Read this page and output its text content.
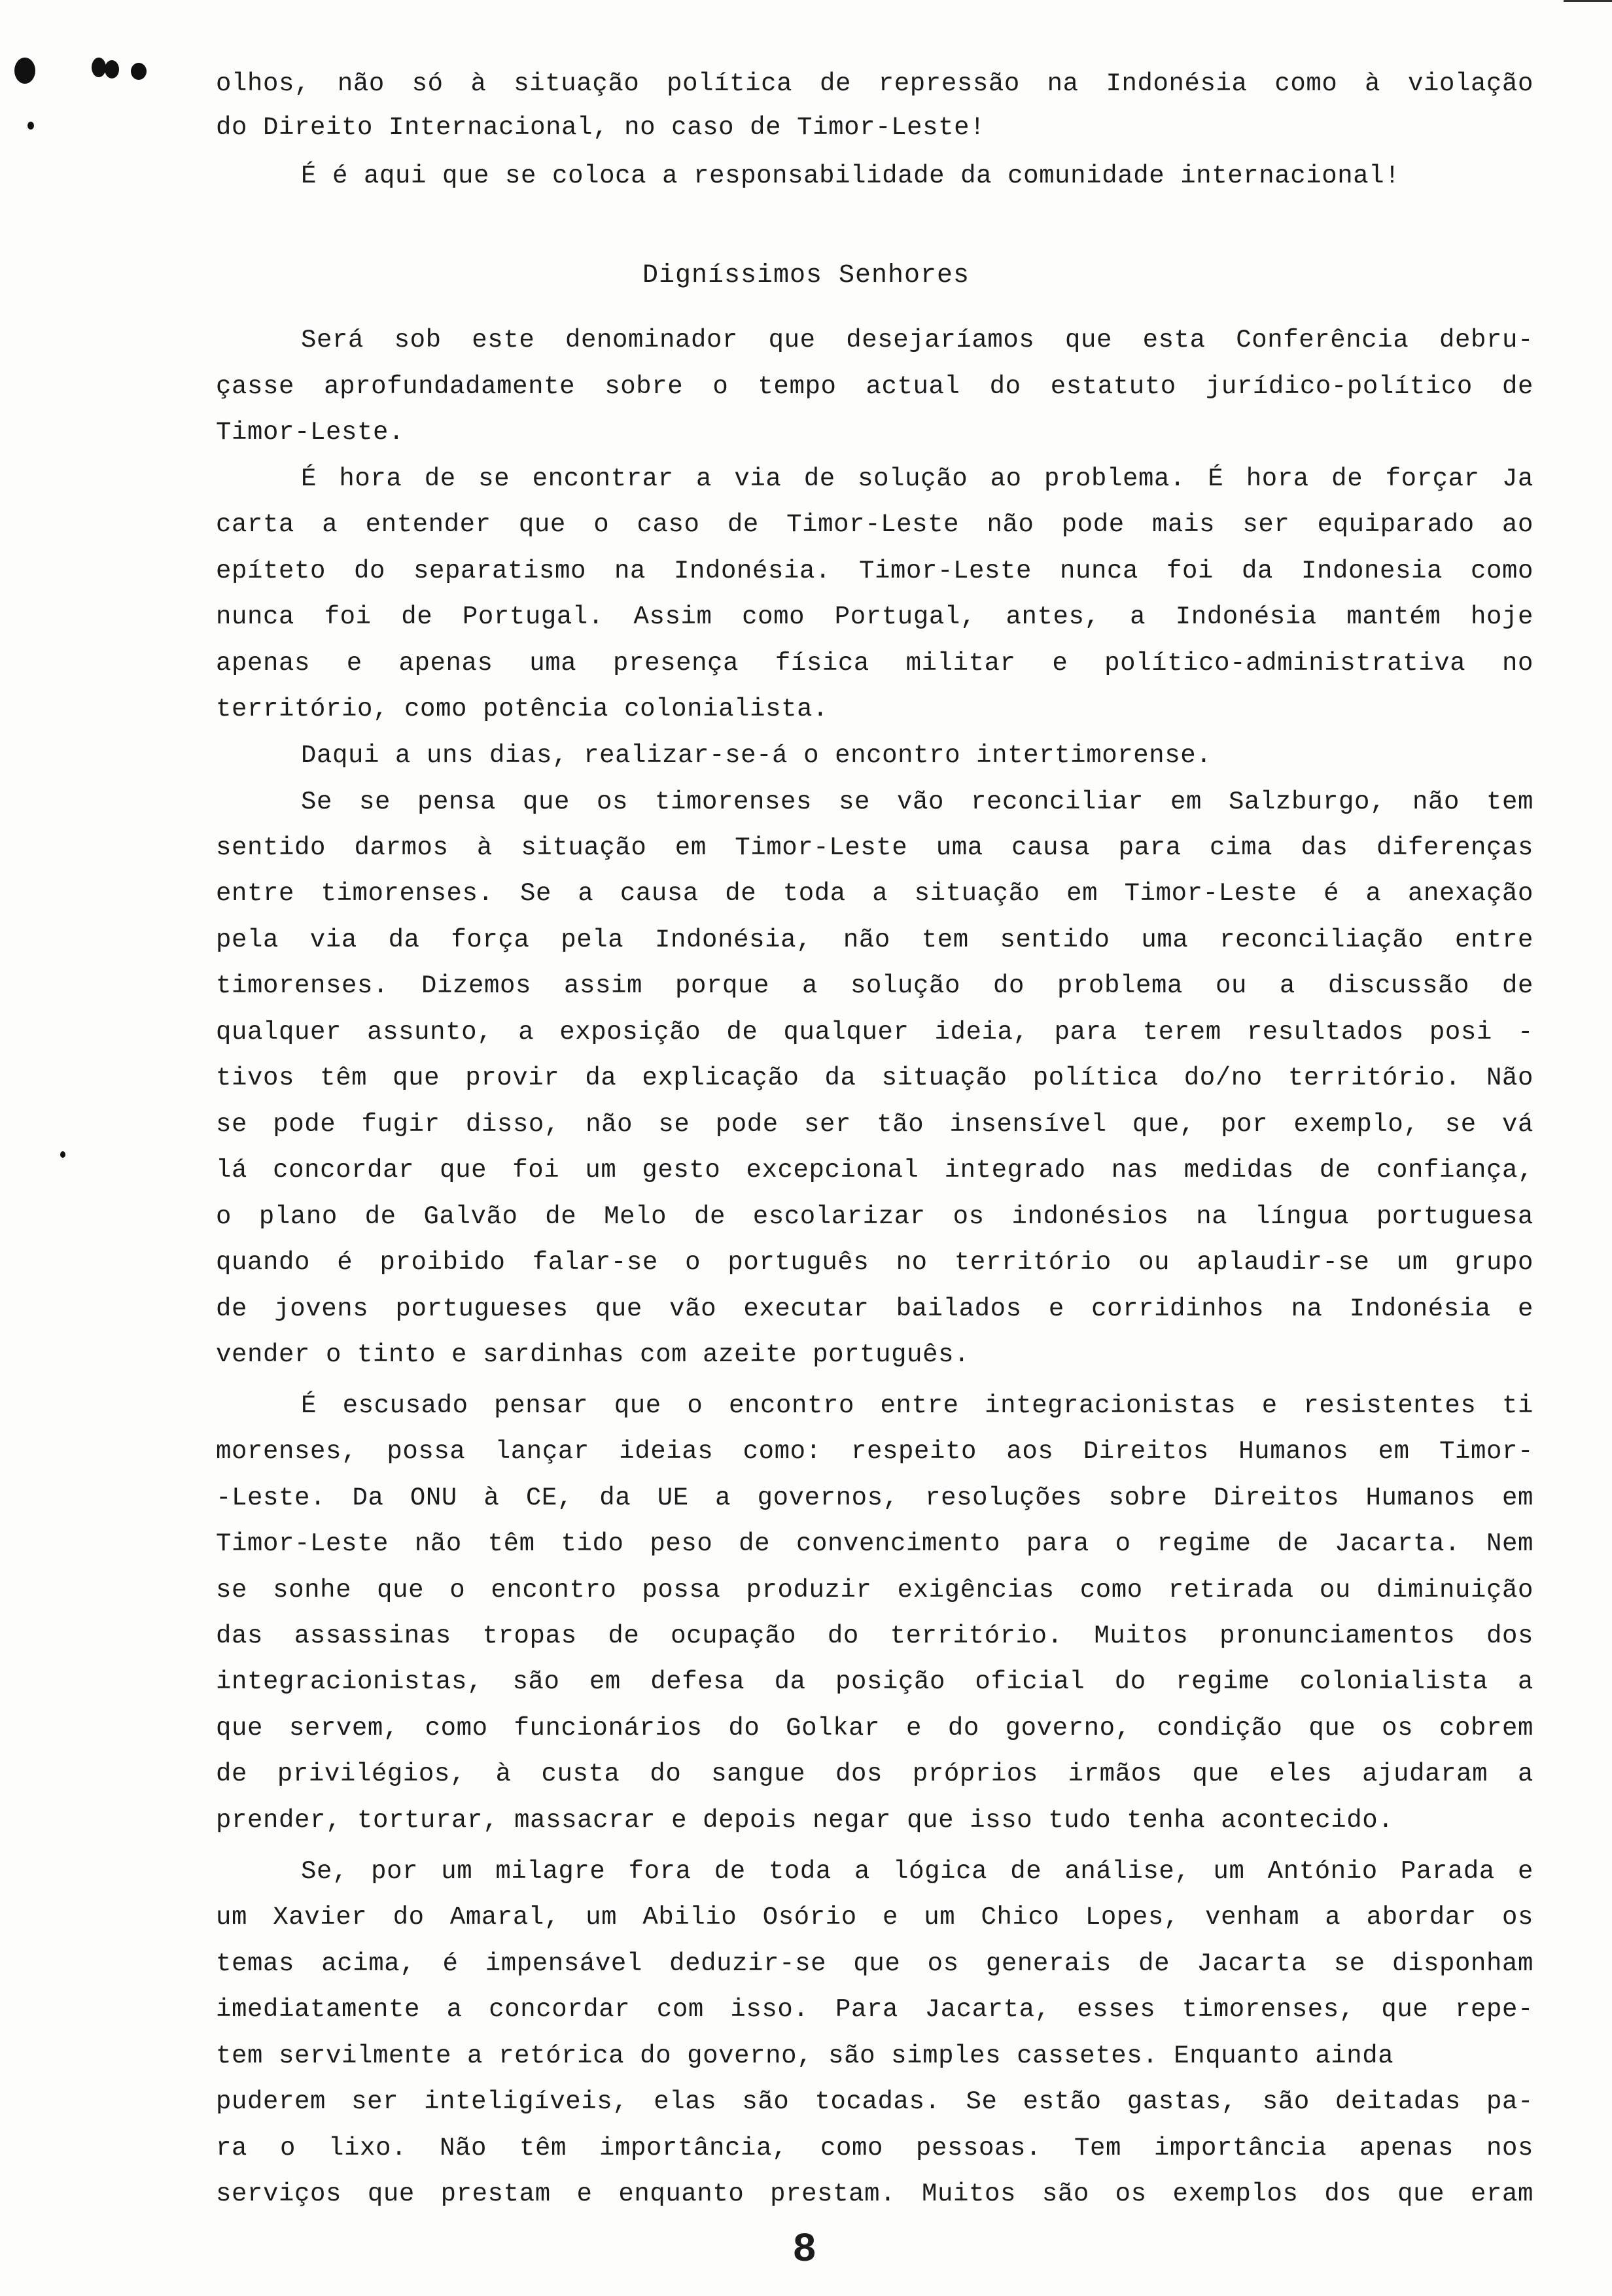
olhos, não só à situação política de repressão na Indonésia como à violação
do Direito Internacional, no caso de Timor-Leste!
É é aqui que se coloca a responsabilidade da comunidade internacional!
Digníssimos Senhores
Será sob este denominador que desejaríamos que esta Conferência debru-
çasse aprofundadamente sobre o tempo actual do estatuto jurídico-político de
Timor-Leste.
É hora de se encontrar a via de solução ao problema. É hora de forçar Ja
carta a entender que o caso de Timor-Leste não pode mais ser equiparado ao
epíteto do separatismo na Indonésia. Timor-Leste nunca foi da Indonesia como
nunca foi de Portugal. Assim como Portugal, antes, a Indonésia mantém hoje
apenas e apenas uma presença física militar e político-administrativa no
território, como potência colonialista.
Daqui a uns dias, realizar-se-á o encontro intertimorense.
Se se pensa que os timorenses se vão reconciliar em Salzburgo, não tem
sentido darmos à situação em Timor-Leste uma causa para cima das diferenças
entre timorenses. Se a causa de toda a situação em Timor-Leste é a anexação
pela via da força pela Indonésia, não tem sentido uma reconciliação entre
timorenses. Dizemos assim porque a solução do problema ou a discussão de
qualquer assunto, a exposição de qualquer ideia, para terem resultados posi -
tivos têm que provir da explicação da situação política do/no território. Não
se pode fugir disso, não se pode ser tão insensível que, por exemplo, se vá
lá concordar que foi um gesto excepcional integrado nas medidas de confiança,
o plano de Galvão de Melo de escolarizar os indonésios na língua portuguesa
quando é proibido falar-se o português no território ou aplaudir-se um grupo
de jovens portugueses que vão executar bailados e corridinhos na Indonésia e
vender o tinto e sardinhas com azeite português.
É escusado pensar que o encontro entre integracionistas e resistentes ti
morenses, possa lançar ideias como: respeito aos Direitos Humanos em Timor-
-Leste. Da ONU à CE, da UE a governos, resoluções sobre Direitos Humanos em
Timor-Leste não têm tido peso de convencimento para o regime de Jacarta. Nem
se sonhe que o encontro possa produzir exigências como retirada ou diminuição
das assassinas tropas de ocupação do território. Muitos pronunciamentos dos
integracionistas, são em defesa da posição oficial do regime colonialista a
que servem, como funcionários do Golkar e do governo, condição que os cobrem
de privilégios, à custa do sangue dos próprios irmãos que eles ajudaram a
prender, torturar, massacrar e depois negar que isso tudo tenha acontecido.
Se, por um milagre fora de toda a lógica de análise, um António Parada e
um Xavier do Amaral, um Abilio Osório e um Chico Lopes, venham a abordar os
temas acima, é impensável deduzir-se que os generais de Jacarta se disponham
imediatamente a concordar com isso. Para Jacarta, esses timorenses, que repe-
tem servilmente a retórica do governo, são simples cassetes. Enquanto ainda
puderem ser inteligíveis, elas são tocadas. Se estão gastas, são deitadas pa-
ra o lixo. Não têm importância, como pessoas. Tem importância apenas nos
serviços que prestam e enquanto prestam. Muitos são os exemplos dos que eram
8
